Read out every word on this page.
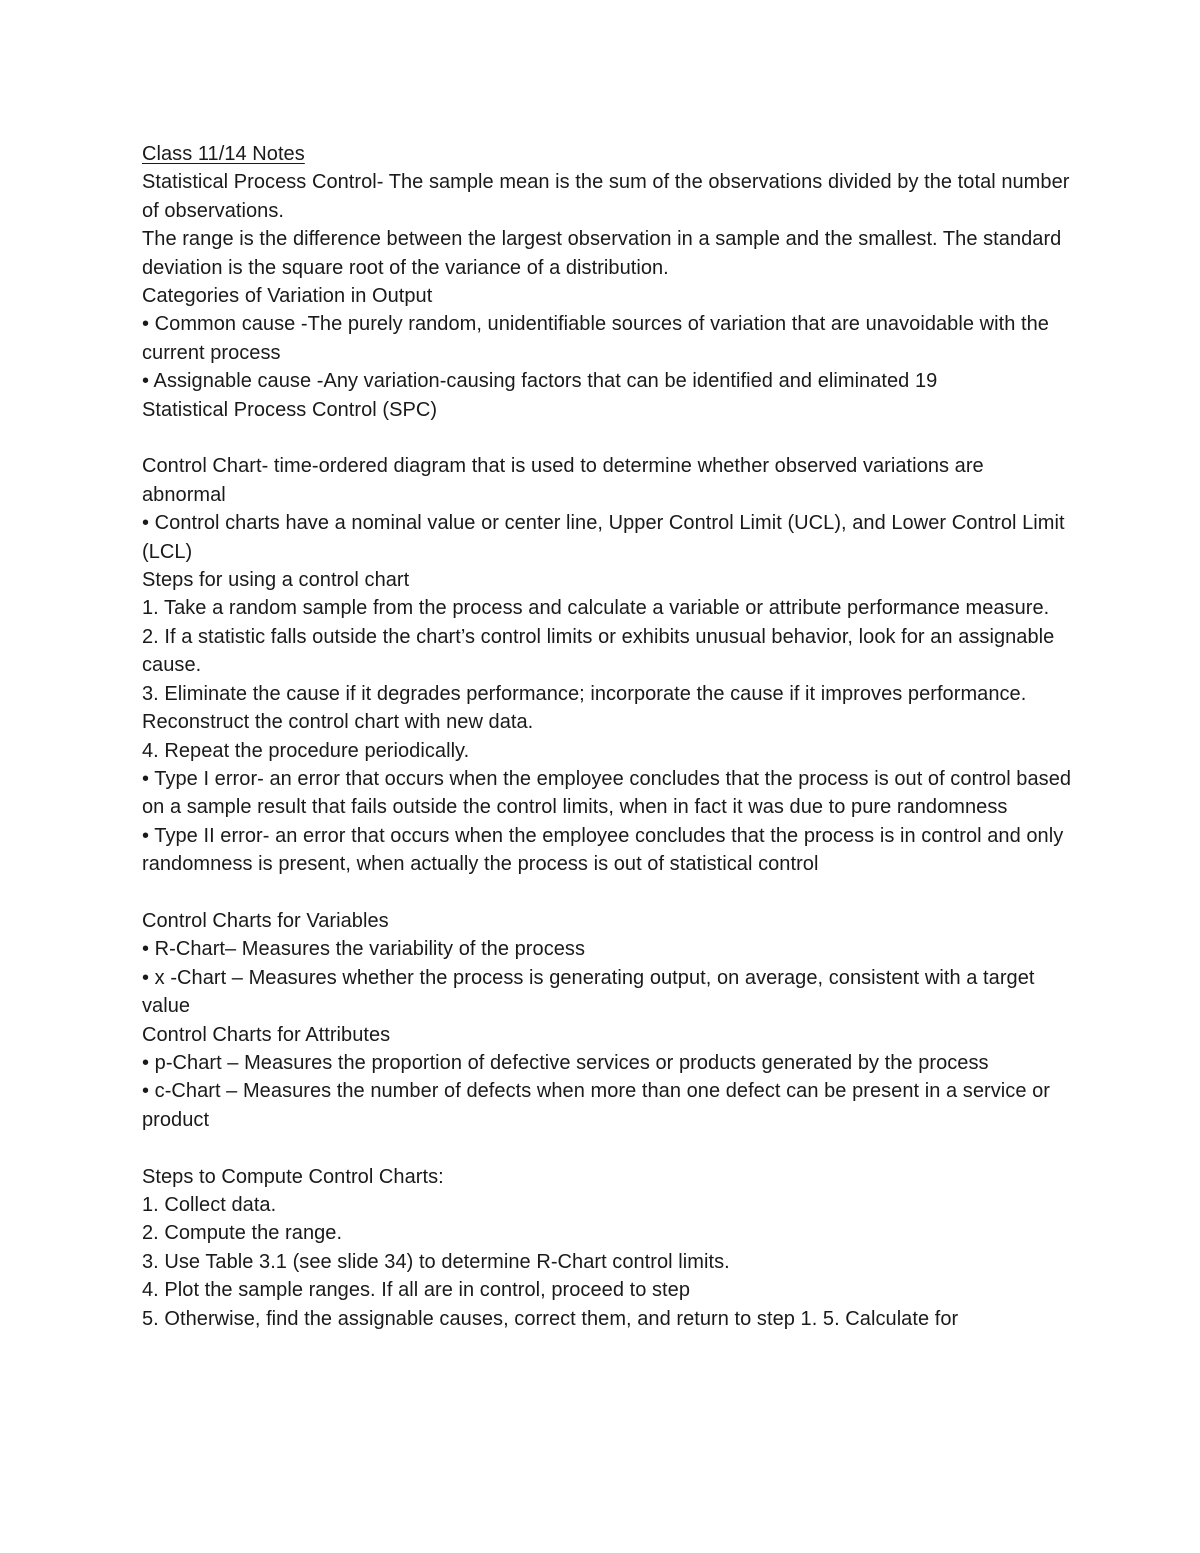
Class 11/14 Notes

Statistical Process Control- The sample mean is the sum of the observations divided by the total number of observations.

The range is the difference between the largest observation in a sample and the smallest. The standard deviation is the square root of the variance of a distribution.

Categories of Variation in Output

• Common cause -The purely random, unidentifiable sources of variation that are unavoidable with the current process

• Assignable cause -Any variation-causing factors that can be identified and eliminated 19

Statistical Process Control (SPC)

Control Chart- time-ordered diagram that is used to determine whether observed variations are abnormal

• Control charts have a nominal value or center line, Upper Control Limit (UCL), and Lower Control Limit (LCL)

Steps for using a control chart

1. Take a random sample from the process and calculate a variable or attribute performance measure.

2. If a statistic falls outside the chart’s control limits or exhibits unusual behavior, look for an assignable cause.

3. Eliminate the cause if it degrades performance; incorporate the cause if it improves performance. Reconstruct the control chart with new data.

4. Repeat the procedure periodically.

• Type I error- an error that occurs when the employee concludes that the process is out of control based on a sample result that fails outside the control limits, when in fact it was due to pure randomness

• Type II error- an error that occurs when the employee concludes that the process is in control and only randomness is present, when actually the process is out of statistical control

Control Charts for Variables

• R-Chart– Measures the variability of the process

• x -Chart – Measures whether the process is generating output, on average, consistent with a target value

Control Charts for Attributes

• p-Chart – Measures the proportion of defective services or products generated by the process

• c-Chart – Measures the number of defects when more than one defect can be present in a service or product

Steps to Compute Control Charts:

1. Collect data.

2. Compute the range.

3. Use Table 3.1 (see slide 34) to determine R-Chart control limits.

4. Plot the sample ranges. If all are in control, proceed to step

5. Otherwise, find the assignable causes, correct them, and return to step 1. 5. Calculate for
